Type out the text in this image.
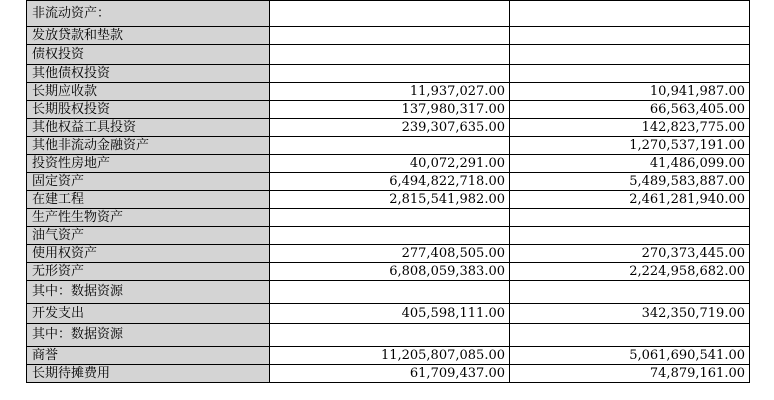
非流动资产：		
发放贷款和垫款		
债权投资		
其他债权投资		
长期应收款	11,937,027.00	10,941,987.00
长期股权投资	137,980,317.00	66,563,405.00
其他权益工具投资	239,307,635.00	142,823,775.00
其他非流动金融资产		1,270,537,191.00
投资性房地产	40,072,291.00	41,486,099.00
固定资产	6,494,822,718.00	5,489,583,887.00
在建工程	2,815,541,982.00	2,461,281,940.00
生产性生物资产		
油气资产		
使用权资产	277,408,505.00	270,373,445.00
无形资产	6,808,059,383.00	2,224,958,682.00
其中：数据资源		
开发支出	405,598,111.00	342,350,719.00
其中：数据资源		
商誉	11,205,807,085.00	5,061,690,541.00
长期待摊费用	61,709,437.00	74,879,161.00
